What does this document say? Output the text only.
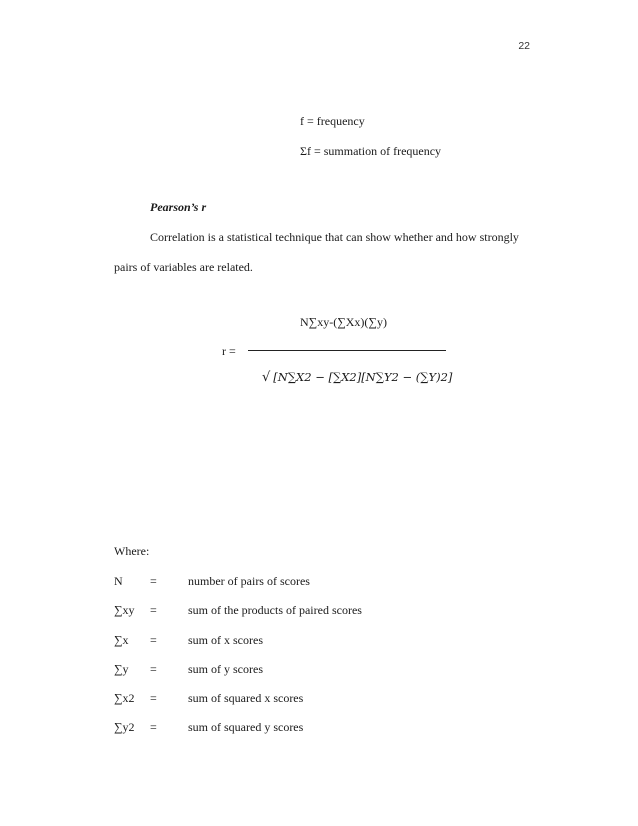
22
f = frequency
Σf = summation of frequency
Pearson’s r
Correlation is a statistical technique that can show whether and how strongly
pairs of variables are related.
N∑xy-(∑Xx)(∑y)
r =
√ [N∑X2 − [∑X2][N∑Y2 − (∑Y)2]
Where:
N =	number of pairs of scores
∑xy =	sum of the products of paired scores
∑x =	sum of x scores
∑y =	sum of y scores
∑x2 =	sum of squared x scores
∑y2 =	sum of squared y scores
